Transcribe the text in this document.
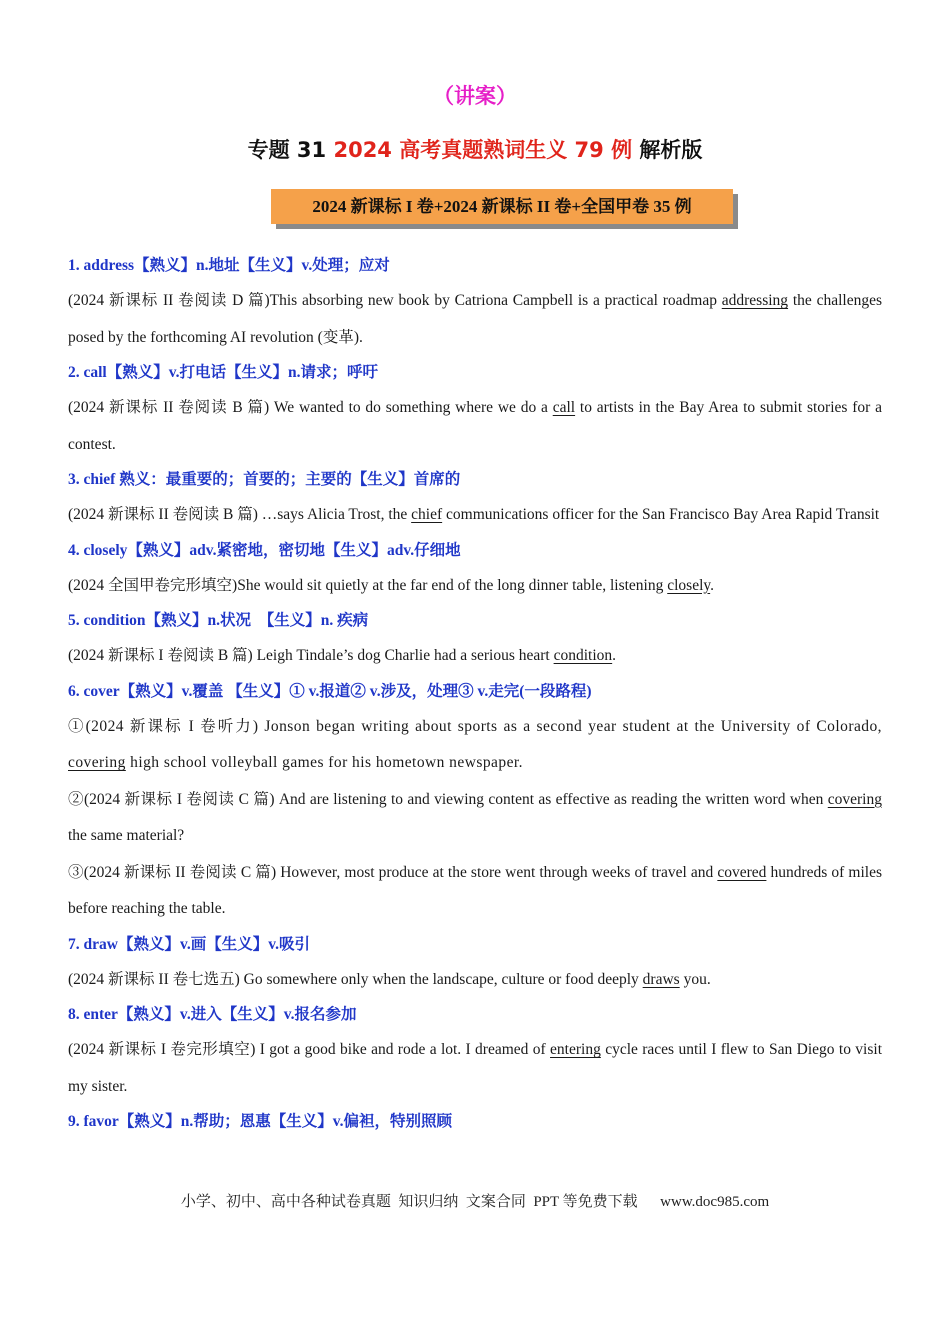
（讲案）
专题 31 2024 高考真题熟词生义 79 例 解析版
2024 新课标 I 卷+2024 新课标 II 卷+全国甲卷 35 例
1. address【熟义】n.地址【生义】v.处理；应对
(2024 新课标 II 卷阅读 D 篇)This absorbing new book by Catriona Campbell is a practical roadmap addressing the challenges posed by the forthcoming AI revolution (变革).
2. call【熟义】v.打电话【生义】n.请求；呼吁
(2024 新课标 II 卷阅读 B 篇) We wanted to do something where we do a call to artists in the Bay Area to submit stories for a contest.
3. chief 熟义：最重要的；首要的；主要的【生义】首席的
(2024 新课标 II 卷阅读 B 篇) …says Alicia Trost, the chief communications officer for the San Francisco Bay Area Rapid Transit
4. closely【熟义】adv.紧密地，密切地【生义】adv.仔细地
(2024 全国甲卷完形填空)She would sit quietly at the far end of the long dinner table, listening closely.
5. condition【熟义】n.状况　【生义】n. 疾病
(2024 新课标 I 卷阅读 B 篇) Leigh Tindale’s dog Charlie had a serious heart condition.
6. cover【熟义】v.覆盖 【生义】① v.报道② v.涉及，处理③ v.走完(一段路程)
①(2024 新课标 I 卷听力) Jonson began writing about sports as a second year student at the University of Colorado, covering high school volleyball games for his hometown newspaper.
②(2024 新课标 I 卷阅读 C 篇) And are listening to and viewing content as effective as reading the written word when covering the same material?
③(2024 新课标 II 卷阅读 C 篇) However, most produce at the store went through weeks of travel and covered hundreds of miles before reaching the table.
7. draw【熟义】v.画【生义】v.吸引
(2024 新课标 II 卷七选五) Go somewhere only when the landscape, culture or food deeply draws you.
8. enter【熟义】v.进入【生义】v.报名参加
(2024 新课标 I 卷完形填空) I got a good bike and rode a lot. I dreamed of entering cycle races until I flew to San Diego to visit my sister.
9. favor【熟义】n.帮助；恩惠【生义】v.偏袒，特别照顾
小学、初中、高中各种试卷真题  知识归纳  文案合同  PPT 等免费下载      www.doc985.com
